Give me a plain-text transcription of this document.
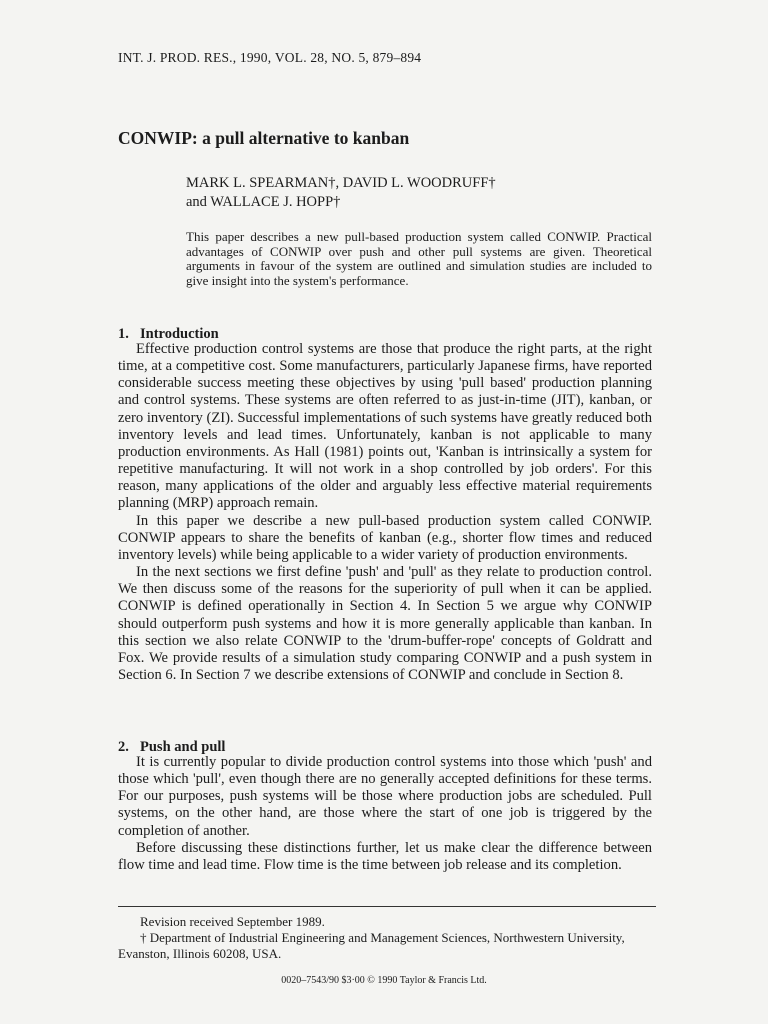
INT. J. PROD. RES., 1990, VOL. 28, NO. 5, 879–894
CONWIP: a pull alternative to kanban
MARK L. SPEARMAN†, DAVID L. WOODRUFF†
and WALLACE J. HOPP†

This paper describes a new pull-based production system called CONWIP. Practical advantages of CONWIP over push and other pull systems are given. Theoretical arguments in favour of the system are outlined and simulation studies are included to give insight into the system's performance.

1. Introduction

Effective production control systems are those that produce the right parts, at the right time, at a competitive cost. Some manufacturers, particularly Japanese firms, have reported considerable success meeting these objectives by using 'pull based' production planning and control systems. These systems are often referred to as just-in-time (JIT), kanban, or zero inventory (ZI). Successful implementations of such systems have greatly reduced both inventory levels and lead times. Unfortunately, kanban is not applicable to many production environments. As Hall (1981) points out, 'Kanban is intrinsically a system for repetitive manufacturing. It will not work in a shop controlled by job orders'. For this reason, many applications of the older and arguably less effective material requirements planning (MRP) approach remain.

In this paper we describe a new pull-based production system called CONWIP. CONWIP appears to share the benefits of kanban (e.g., shorter flow times and reduced inventory levels) while being applicable to a wider variety of production environments.

In the next sections we first define 'push' and 'pull' as they relate to production control. We then discuss some of the reasons for the superiority of pull when it can be applied. CONWIP is defined operationally in Section 4. In Section 5 we argue why CONWIP should outperform push systems and how it is more generally applicable than kanban. In this section we also relate CONWIP to the 'drum-buffer-rope' concepts of Goldratt and Fox. We provide results of a simulation study comparing CONWIP and a push system in Section 6. In Section 7 we describe extensions of CONWIP and conclude in Section 8.

2. Push and pull

It is currently popular to divide production control systems into those which 'push' and those which 'pull', even though there are no generally accepted definitions for these terms. For our purposes, push systems will be those where production jobs are scheduled. Pull systems, on the other hand, are those where the start of one job is triggered by the completion of another.

Before discussing these distinctions further, let us make clear the difference between flow time and lead time. Flow time is the time between job release and its completion.

Revision received September 1989.

† Department of Industrial Engineering and Management Sciences, Northwestern University, Evanston, Illinois 60208, USA.

0020–7543/90 $3·00 © 1990 Taylor & Francis Ltd.
